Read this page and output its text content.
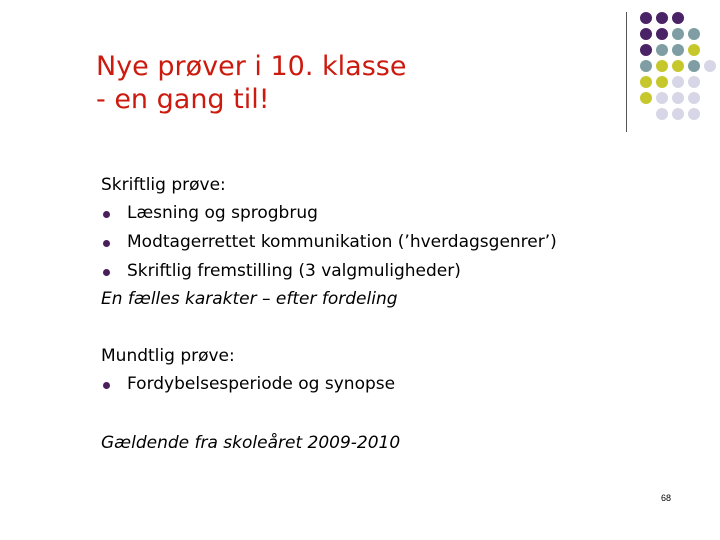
Nye prøver i 10. klasse
- en gang til!
Skriftlig prøve:
Læsning og sprogbrug
Modtagerrettet kommunikation (’hverdagsgenrer’)
Skriftlig fremstilling (3 valgmuligheder)
En fælles karakter – efter fordeling
Mundtlig prøve:
Fordybelsesperiode og synopse
Gældende fra skoleåret 2009-2010
68
